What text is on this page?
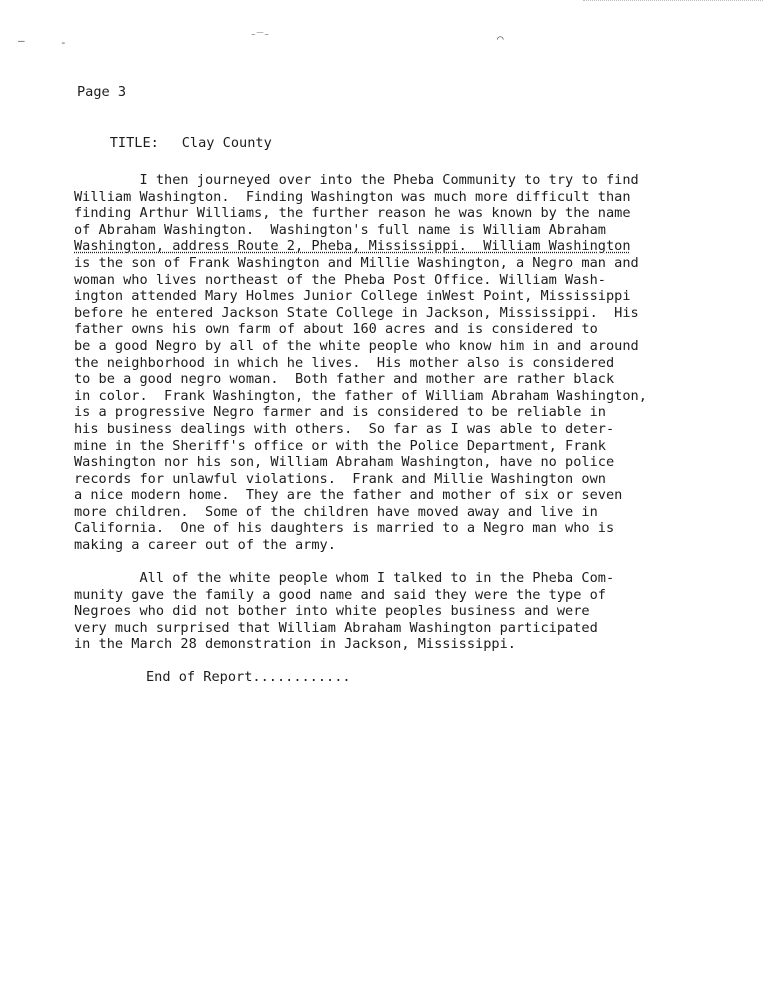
–	-	⁻‾⁻	⌒
Page 3

TITLE: Clay County

I then journeyed over into the Pheba Community to try to find
William Washington.  Finding Washington was much more difficult than
finding Arthur Williams, the further reason he was known by the name
of Abraham Washington.  Washington's full name is William Abraham
Washington, address Route 2, Pheba, Mississippi.  William Washington
is the son of Frank Washington and Millie Washington, a Negro man and
woman who lives northeast of the Pheba Post Office. William Wash-
ington attended Mary Holmes Junior College inWest Point, Mississippi
before he entered Jackson State College in Jackson, Mississippi.  His
father owns his own farm of about 160 acres and is considered to
be a good Negro by all of the white people who know him in and around
the neighborhood in which he lives.  His mother also is considered
to be a good negro woman.  Both father and mother are rather black
in color.  Frank Washington, the father of William Abraham Washington,
is a progressive Negro farmer and is considered to be reliable in
his business dealings with others.  So far as I was able to deter-
mine in the Sheriff's office or with the Police Department, Frank
Washington nor his son, William Abraham Washington, have no police
records for unlawful violations.  Frank and Millie Washington own
a nice modern home.  They are the father and mother of six or seven
more children.  Some of the children have moved away and live in
California.  One of his daughters is married to a Negro man who is
making a career out of the army.
All of the white people whom I talked to in the Pheba Com-
munity gave the family a good name and said they were the type of
Negroes who did not bother into white peoples business and were
very much surprised that William Abraham Washington participated
in the March 28 demonstration in Jackson, Mississippi.
End of Report............
